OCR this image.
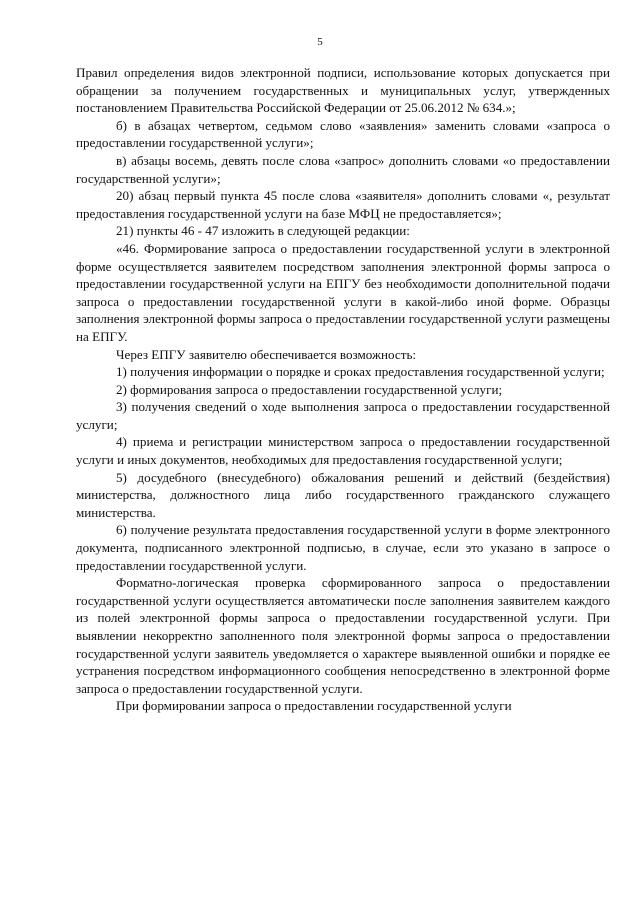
5

Правил определения видов электронной подписи, использование которых допускается при обращении за получением государственных и муниципальных услуг, утвержденных постановлением Правительства Российской Федерации от 25.06.2012 № 634.»;

б) в абзацах четвертом, седьмом слово «заявления» заменить словами «запроса о предоставлении государственной услуги»;

в) абзацы восемь, девять после слова «запрос» дополнить словами «о предоставлении государственной услуги»;

20) абзац первый пункта 45 после слова «заявителя» дополнить словами «, результат предоставления государственной услуги на базе МФЦ не предоставляется»;

21) пункты 46 - 47 изложить в следующей редакции:

«46. Формирование запроса о предоставлении государственной услуги в электронной форме осуществляется заявителем посредством заполнения электронной формы запроса о предоставлении государственной услуги на ЕПГУ без необходимости дополнительной подачи запроса о предоставлении государственной услуги в какой-либо иной форме. Образцы заполнения электронной формы запроса о предоставлении государственной услуги размещены на ЕПГУ.

Через ЕПГУ заявителю обеспечивается возможность:

1) получения информации о порядке и сроках предоставления государственной услуги;

2) формирования запроса о предоставлении государственной услуги;

3) получения сведений о ходе выполнения запроса о предоставлении государственной услуги;

4) приема и регистрации министерством запроса о предоставлении государственной услуги и иных документов, необходимых для предоставления государственной услуги;

5) досудебного (внесудебного) обжалования решений и действий (бездействия) министерства, должностного лица либо государственного гражданского служащего министерства.

6) получение результата предоставления государственной услуги в форме электронного документа, подписанного электронной подписью, в случае, если это указано в запросе о предоставлении государственной услуги.

Форматно-логическая проверка сформированного запроса о предоставлении государственной услуги осуществляется автоматически после заполнения заявителем каждого из полей электронной формы запроса о предоставлении государственной услуги. При выявлении некорректно заполненного поля электронной формы запроса о предоставлении государственной услуги заявитель уведомляется о характере выявленной ошибки и порядке ее устранения посредством информационного сообщения непосредственно в электронной форме запроса о предоставлении государственной услуги.

При формировании запроса о предоставлении государственной услуги
